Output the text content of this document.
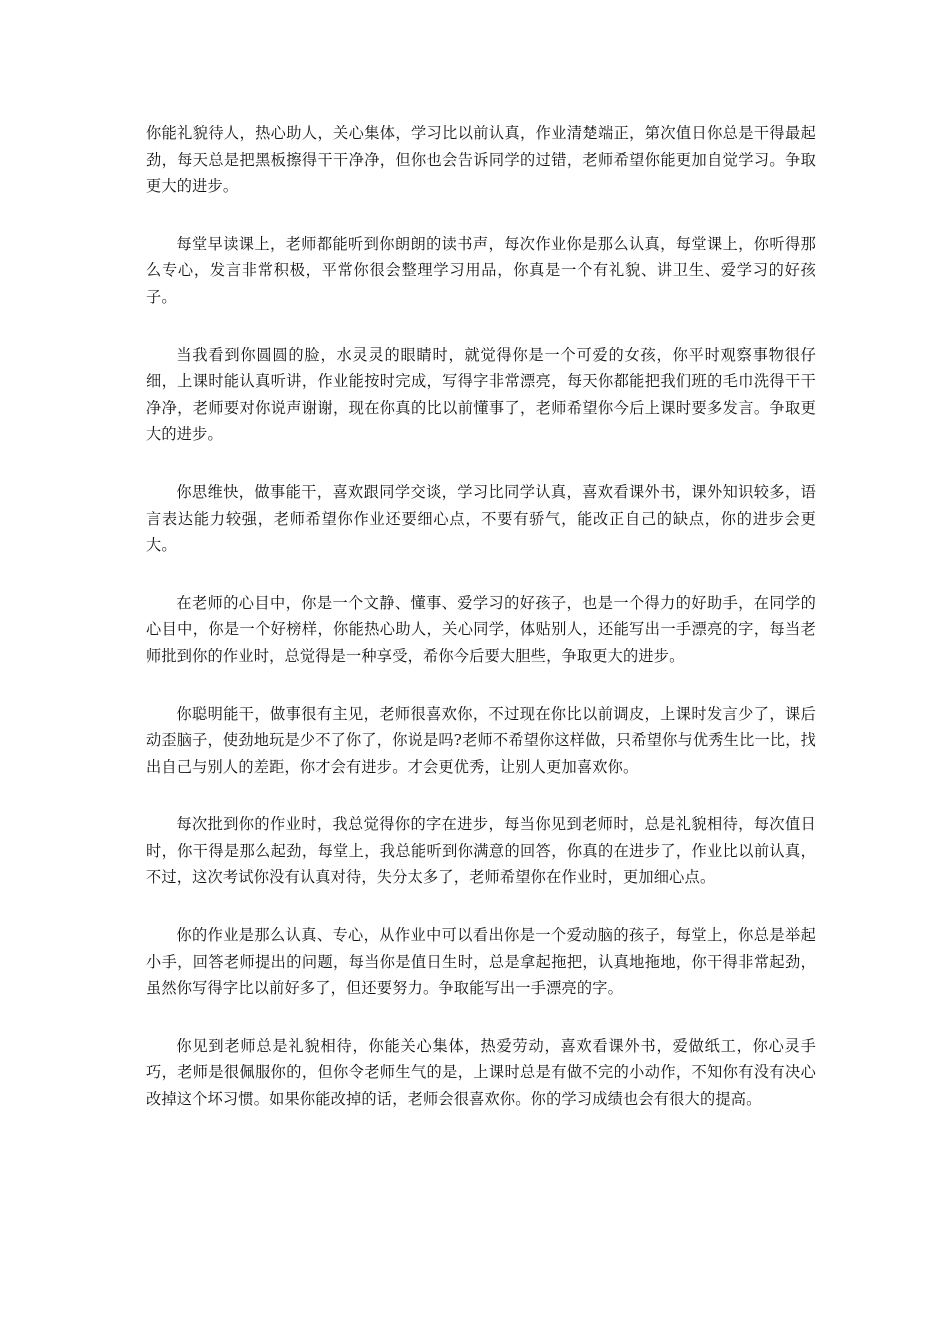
你能礼貌待人，热心助人，关心集体，学习比以前认真，作业清楚端正，第次值日你总是干得最起劲，每天总是把黑板擦得干干净净，但你也会告诉同学的过错，老师希望你能更加自觉学习。争取更大的进步。

每堂早读课上，老师都能听到你朗朗的读书声，每次作业你是那么认真，每堂课上，你听得那么专心，发言非常积极，平常你很会整理学习用品，你真是一个有礼貌、讲卫生、爱学习的好孩子。

当我看到你圆圆的脸，水灵灵的眼睛时，就觉得你是一个可爱的女孩，你平时观察事物很仔细，上课时能认真听讲，作业能按时完成，写得字非常漂亮，每天你都能把我们班的毛巾洗得干干净净，老师要对你说声谢谢，现在你真的比以前懂事了，老师希望你今后上课时要多发言。争取更大的进步。

你思维快，做事能干，喜欢跟同学交谈，学习比同学认真，喜欢看课外书，课外知识较多，语言表达能力较强，老师希望你作业还要细心点，不要有骄气，能改正自己的缺点，你的进步会更大。

在老师的心目中，你是一个文静、懂事、爱学习的好孩子，也是一个得力的好助手，在同学的心目中，你是一个好榜样，你能热心助人，关心同学，体贴别人，还能写出一手漂亮的字，每当老师批到你的作业时，总觉得是一种享受，希你今后要大胆些，争取更大的进步。

你聪明能干，做事很有主见，老师很喜欢你，不过现在你比以前调皮，上课时发言少了，课后动歪脑子，使劲地玩是少不了你了，你说是吗?老师不希望你这样做，只希望你与优秀生比一比，找出自己与别人的差距，你才会有进步。才会更优秀，让别人更加喜欢你。

每次批到你的作业时，我总觉得你的字在进步，每当你见到老师时，总是礼貌相待，每次值日时，你干得是那么起劲，每堂上，我总能听到你满意的回答，你真的在进步了，作业比以前认真，不过，这次考试你没有认真对待，失分太多了，老师希望你在作业时，更加细心点。

你的作业是那么认真、专心，从作业中可以看出你是一个爱动脑的孩子，每堂上，你总是举起小手，回答老师提出的问题，每当你是值日生时，总是拿起拖把，认真地拖地，你干得非常起劲，虽然你写得字比以前好多了，但还要努力。争取能写出一手漂亮的字。

你见到老师总是礼貌相待，你能关心集体，热爱劳动，喜欢看课外书，爱做纸工，你心灵手巧，老师是很佩服你的，但你令老师生气的是，上课时总是有做不完的小动作，不知你有没有决心改掉这个坏习惯。如果你能改掉的话，老师会很喜欢你。你的学习成绩也会有很大的提高。
